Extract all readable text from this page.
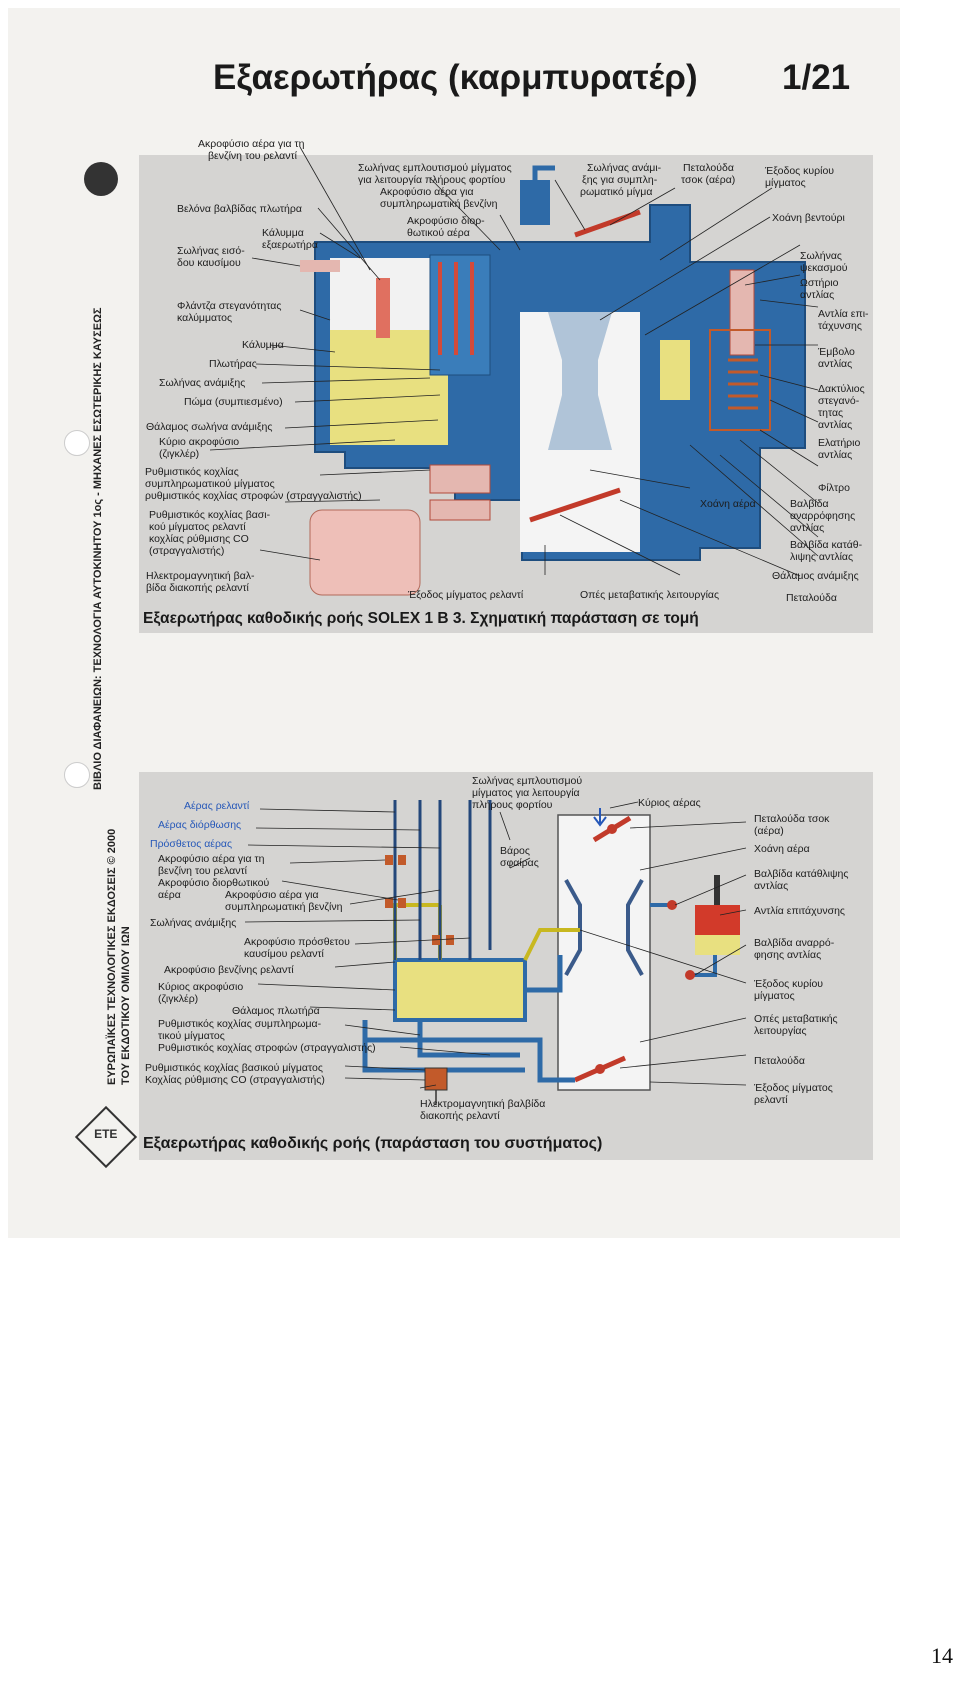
Εξαερωτήρας (καρμπυρατέρ) 1/21
ΒΙΒΛΙΟ ΔΙΑΦΑΝΕΙΩΝ: ΤΕΧΝΟΛΟΓΙΑ ΑΥΤΟΚΙΝΗΤΟΥ 1ος - ΜΗΧΑΝΕΣ ΕΣΩΤΕΡΙΚΗΣ ΚΑΥΣΕΩΣ
ΕΥΡΩΠΑΪΚΕΣ ΤΕΧΝΟΛΟΓΙΚΕΣ ΕΚΔΟΣΕΙΣ © 2000 ΤΟΥ ΕΚΔΟΤΙΚΟΥ ΟΜΙΛΟΥ ΙΩΝ
ΕΤΕ
Ακροφύσιο αέρα για τη
βενζίνη του ρελαντί
Βελόνα βαλβίδας πλωτήρα
Κάλυμμα
εξαερωτήρα
Σωλήνας εισό-
δου καυσίμου
Φλάντζα στεγανότητας
καλύμματος
Κάλυμμα
Πλωτήρας
Σωλήνας ανάμιξης
Πώμα (συμπιεσμένο)
Θάλαμος σωλήνα ανάμιξης
Κύριο ακροφύσιο
(ζιγκλέρ)
Ρυθμιστικός κοχλίας
συμπληρωματικού μίγματος
ρυθμιστικός κοχλίας στροφών (στραγγαλιστής)
Ρυθμιστικός κοχλίας βασι-
κού μίγματος ρελαντί
κοχλίας ρύθμισης CO
(στραγγαλιστής)
Ηλεκτρομαγνητική βαλ-
βίδα διακοπής ρελαντί
Σωλήνας εμπλουτισμού μίγματος
για λειτουργία πλήρους φορτίου
Ακροφύσιο αέρα για
συμπληρωματική βενζίνη
Ακροφύσιο διορ-
θωτικού αέρα
Σωλήνας ανάμι-
ξης για συμπλη-
ρωματικό μίγμα
Πεταλούδα
τσοκ (αέρα)
Έξοδος κυρίου
μίγματος
Χοάνη βεντούρι
Σωλήνας
ψεκασμού
Ωστήριο
αντλίας
Αντλία επι-
τάχυνσης
Έμβολο
αντλίας
Δακτύλιος
στεγανό-
τητας
αντλίας
Ελατήριο
αντλίας
Φίλτρο
Βαλβίδα
αναρρόφησης
αντλίας
Βαλβίδα κατάθ-
λιψης αντλίας
Θάλαμος ανάμιξης
Πεταλούδα
Χοάνη αέρα
Έξοδος μίγματος ρελαντί	Οπές μεταβατικής λειτουργίας
Εξαερωτήρας καθοδικής ροής SOLEX 1 B 3. Σχηματική παράσταση σε τομή
Αέρας ρελαντί
Αέρας διόρθωσης
Πρόσθετος αέρας
Ακροφύσιο αέρα για τη
βενζίνη του ρελαντί
Ακροφύσιο διορθωτικού
αέρα	Ακροφύσιο αέρα για
συμπληρωματική βενζίνη
Σωλήνας ανάμιξης
Ακροφύσιο πρόσθετου
καυσίμου ρελαντί
Ακροφύσιο βενζίνης ρελαντί
Κύριος ακροφύσιο
(ζιγκλέρ)
Θάλαμος πλωτήρα
Ρυθμιστικός κοχλίας συμπληρωμα-
τικού μίγματος
Ρυθμιστικός κοχλίας στροφών (στραγγαλιστής)
Ρυθμιστικός κοχλίας βασικού μίγματος
Κοχλίας ρύθμισης CO (στραγγαλιστής)
Σωλήνας εμπλουτισμού
μίγματος για λειτουργία
πλήρους φορτίου	Κύριος αέρας
Βάρος
σφαίρας
Πεταλούδα τσοκ
(αέρα)
Χοάνη αέρα
Βαλβίδα κατάθλιψης
αντλίας
Αντλία επιτάχυνσης
Βαλβίδα αναρρό-
φησης αντλίας
Έξοδος κυρίου
μίγματος
Οπές μεταβατικής
λειτουργίας
Πεταλούδα
Έξοδος μίγματος
ρελαντί
Ηλεκτρομαγνητική βαλβίδα
διακοπής ρελαντί
Εξαερωτήρας καθοδικής ροής (παράσταση του συστήματος)
14
